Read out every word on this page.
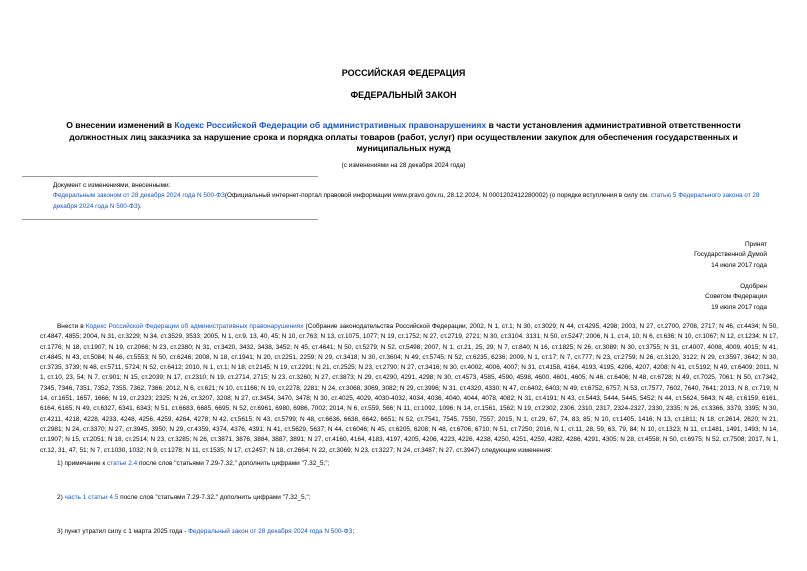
РОССИЙСКАЯ ФЕДЕРАЦИЯ
ФЕДЕРАЛЬНЫЙ ЗАКОН
О внесении изменений в Кодекс Российской Федерации об административных правонарушениях в части установления административной ответственности должностных лиц заказчика за нарушение срока и порядка оплаты товаров (работ, услуг) при осуществлении закупок для обеспечения государственных и муниципальных нужд
(с изменениями на 28 декабря 2024 года)
Документ с изменениями, внесенными:
Федеральным законом от 28 декабря 2024 года N 500-ФЗ(Официальный интернет-портал правовой информации www.pravo.gov.ru, 28.12.2024, N 0001202412280002) (о порядке вступления в силу см. статью 5 Федерального закона от 28 декабря 2024 года N 500-ФЗ).
Принят
Государственной Думой
14 июля 2017 года
Одобрен
Советом Федерации
19 июля 2017 года
Внести в Кодекс Российской Федерации об административных правонарушениях (Собрание законодательства Российской Федерации, 2002, N 1, ст.1; N 30, ст.3029; N 44, ст.4295, 4298; 2003, N 27, ст.2700, 2708, 2717; N 46, ст.4434; N 50, ст.4847, 4855; 2004, N 31, ст.3229; N 34, ст.3529, 3533; 2005, N 1, ст.9, 13, 40, 45; N 10, ст.763; N 13, ст.1075, 1077; N 19, ст.1752; N 27, ст.2719, 2721; N 30, ст.3104, 3131; N 50, ст.5247; 2006, N 1, ст.4, 10; N 6, ст.636; N 10, ст.1067; N 12, ст.1234; N 17, ст.1776; N 18, ст.1907; N 19, ст.2066; N 23, ст.2380; N 31, ст.3420, 3432, 3438, 3452; N 45, ст.4641; N 50, ст.5279; N 52, ст.5498; 2007, N 1, ст.21, 25, 29; N 7, ст.840; N 16, ст.1825; N 26, ст.3089; N 30, ст.3755; N 31, ст.4007, 4008, 4009, 4015; N 41, ст.4845; N 43, ст.5084; N 46, ст.5553; N 50, ст.6246; 2008, N 18, ст.1941; N 20, ст.2251, 2259; N 29, ст.3418; N 30, ст.3604; N 49, ст.5745; N 52, ст.6235, 6236; 2009, N 1, ст.17; N 7, ст.777; N 23, ст.2759; N 26, ст.3120, 3122; N 29, ст.3597, 3642; N 30, ст.3735, 3739; N 48, ст.5711, 5724; N 52, ст.6412; 2010, N 1, ст.1; N 18, ст.2145; N 19, ст.2291; N 21, ст.2525; N 23, ст.2790; N 27, ст.3416; N 30, ст.4002, 4006, 4007; N 31, ст.4158, 4164, 4193, 4195, 4206, 4207, 4208; N 41, ст.5192; N 49, ст.6409; 2011, N 1, ст.10, 23, 54; N 7, ст.901; N 15, ст.2039; N 17, ст.2310; N 19, ст.2714, 2715; N 23, ст.3260; N 27, ст.3873; N 29, ст.4290, 4291, 4298; N 30, ст.4573, 4585, 4590, 4598, 4600, 4601, 4605; N 46, ст.6406; N 48, ст.6728; N 49, ст.7025, 7061; N 50, ст.7342, 7345, 7346, 7351, 7352, 7355, 7362, 7366; 2012, N 6, ст.621; N 10, ст.1166; N 19, ст.2278, 2281; N 24, ст.3068, 3069, 3082; N 29, ст.3996; N 31, ст.4320, 4330; N 47, ст.6402, 6403; N 49, ст.6752, 6757; N 53, ст.7577, 7602, 7640, 7641; 2013, N 8, ст.719; N 14, ст.1651, 1657, 1666; N 19, ст.2323; 2325; N 26, ст.3207, 3208; N 27, ст.3454, 3470, 3478; N 30, ст.4025, 4029, 4030-4032, 4034, 4036, 4040, 4044, 4078, 4082; N 31, ст.4191; N 43, ст.5443, 5444, 5445, 5452; N 44, ст.5624, 5643; N 48, ст.6159, 6161, 6164, 6165; N 49, ст.6327, 6341, 6343; N 51, ст.6683, 6685, 6695; N 52, ст.6961, 6980, 6986, 7002; 2014, N 6, ст.559, 566; N 11, ст.1092, 1096; N 14, ст.1561, 1562; N 19, ст.2302, 2306, 2310, 2317, 2324-2327, 2330, 2335; N 26, ст.3366, 3379, 3395; N 30, ст.4211, 4218, 4228, 4233, 4248, 4256, 4259, 4264, 4278; N 42, ст.5615; N 43, ст.5799; N 48, ст.6636, 6638, 6642, 6651; N 52, ст.7541, 7545, 7550, 7557; 2015, N 1, ст.29, 67, 74, 83, 85; N 10, ст.1405, 1416; N 13, ст.1811; N 18, ст.2614, 2620; N 21, ст.2981; N 24, ст.3370; N 27, ст.3945, 3950; N 29, ст.4359, 4374, 4376, 4391; N 41, ст.5629, 5637; N 44, ст.6046; N 45, ст.6205, 6208; N 48, ст.6706, 6710; N 51, ст.7250; 2016, N 1, ст.11, 28, 59, 63, 79, 84; N 10, ст.1323; N 11, ст.1481, 1491, 1493; N 14, ст.1907; N 15, ст.2051; N 18, ст.2514; N 23, ст.3285; N 26, ст.3871, 3876, 3884, 3887, 3891; N 27, ст.4160, 4164, 4183, 4197, 4205, 4206, 4223, 4226, 4238, 4250, 4251, 4259, 4282, 4286, 4291, 4305; N 28, ст.4558; N 50, ст.6975; N 52, ст.7508; 2017, N 1, ст.12, 31, 47, 51; N 7, ст.1030, 1032; N 9, ст.1278; N 11, ст.1535; N 17, ст.2457; N 18, ст.2664; N 22, ст.3069; N 23, ст.3227; N 24, ст.3487; N 27, ст.3947) следующие изменения:
1) примечание к статье 2.4 после слов "статьями 7.29-7.32," дополнить цифрами "7.32_5,";
2) часть 1 статьи 4.5 после слов "статьями 7.29-7.32," дополнить цифрами "7.32_5,";
3) пункт утратил силу с 1 марта 2025 года - Федеральный закон от 28 декабря 2024 года N 500-ФЗ;
